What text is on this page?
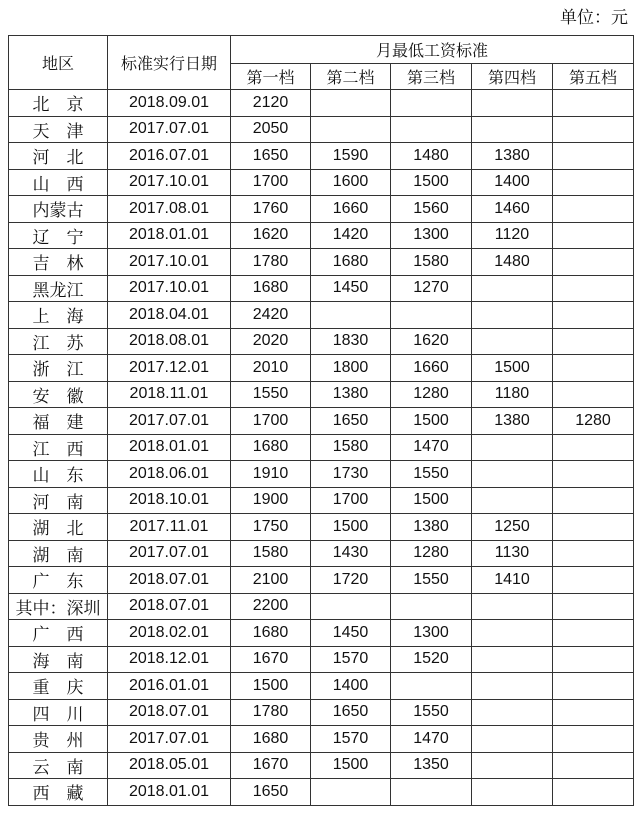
单位：元
地区	标准实行日期	月最低工资标准				
		第一档	第二档	第三档	第四档	第五档
北　京	2018.09.01	2120				
天　津	2017.07.01	2050				
河　北	2016.07.01	1650	1590	1480	1380	
山　西	2017.10.01	1700	1600	1500	1400	
内蒙古	2017.08.01	1760	1660	1560	1460	
辽　宁	2018.01.01	1620	1420	1300	1120	
吉　林	2017.10.01	1780	1680	1580	1480	
黑龙江	2017.10.01	1680	1450	1270		
上　海	2018.04.01	2420				
江　苏	2018.08.01	2020	1830	1620		
浙　江	2017.12.01	2010	1800	1660	1500	
安　徽	2018.11.01	1550	1380	1280	1180	
福　建	2017.07.01	1700	1650	1500	1380	1280
江　西	2018.01.01	1680	1580	1470		
山　东	2018.06.01	1910	1730	1550		
河　南	2018.10.01	1900	1700	1500		
湖　北	2017.11.01	1750	1500	1380	1250	
湖　南	2017.07.01	1580	1430	1280	1130	
广　东	2018.07.01	2100	1720	1550	1410	
其中：深圳	2018.07.01	2200				
广　西	2018.02.01	1680	1450	1300		
海　南	2018.12.01	1670	1570	1520		
重　庆	2016.01.01	1500	1400			
四　川	2018.07.01	1780	1650	1550		
贵　州	2017.07.01	1680	1570	1470		
云　南	2018.05.01	1670	1500	1350		
西　藏	2018.01.01	1650				
